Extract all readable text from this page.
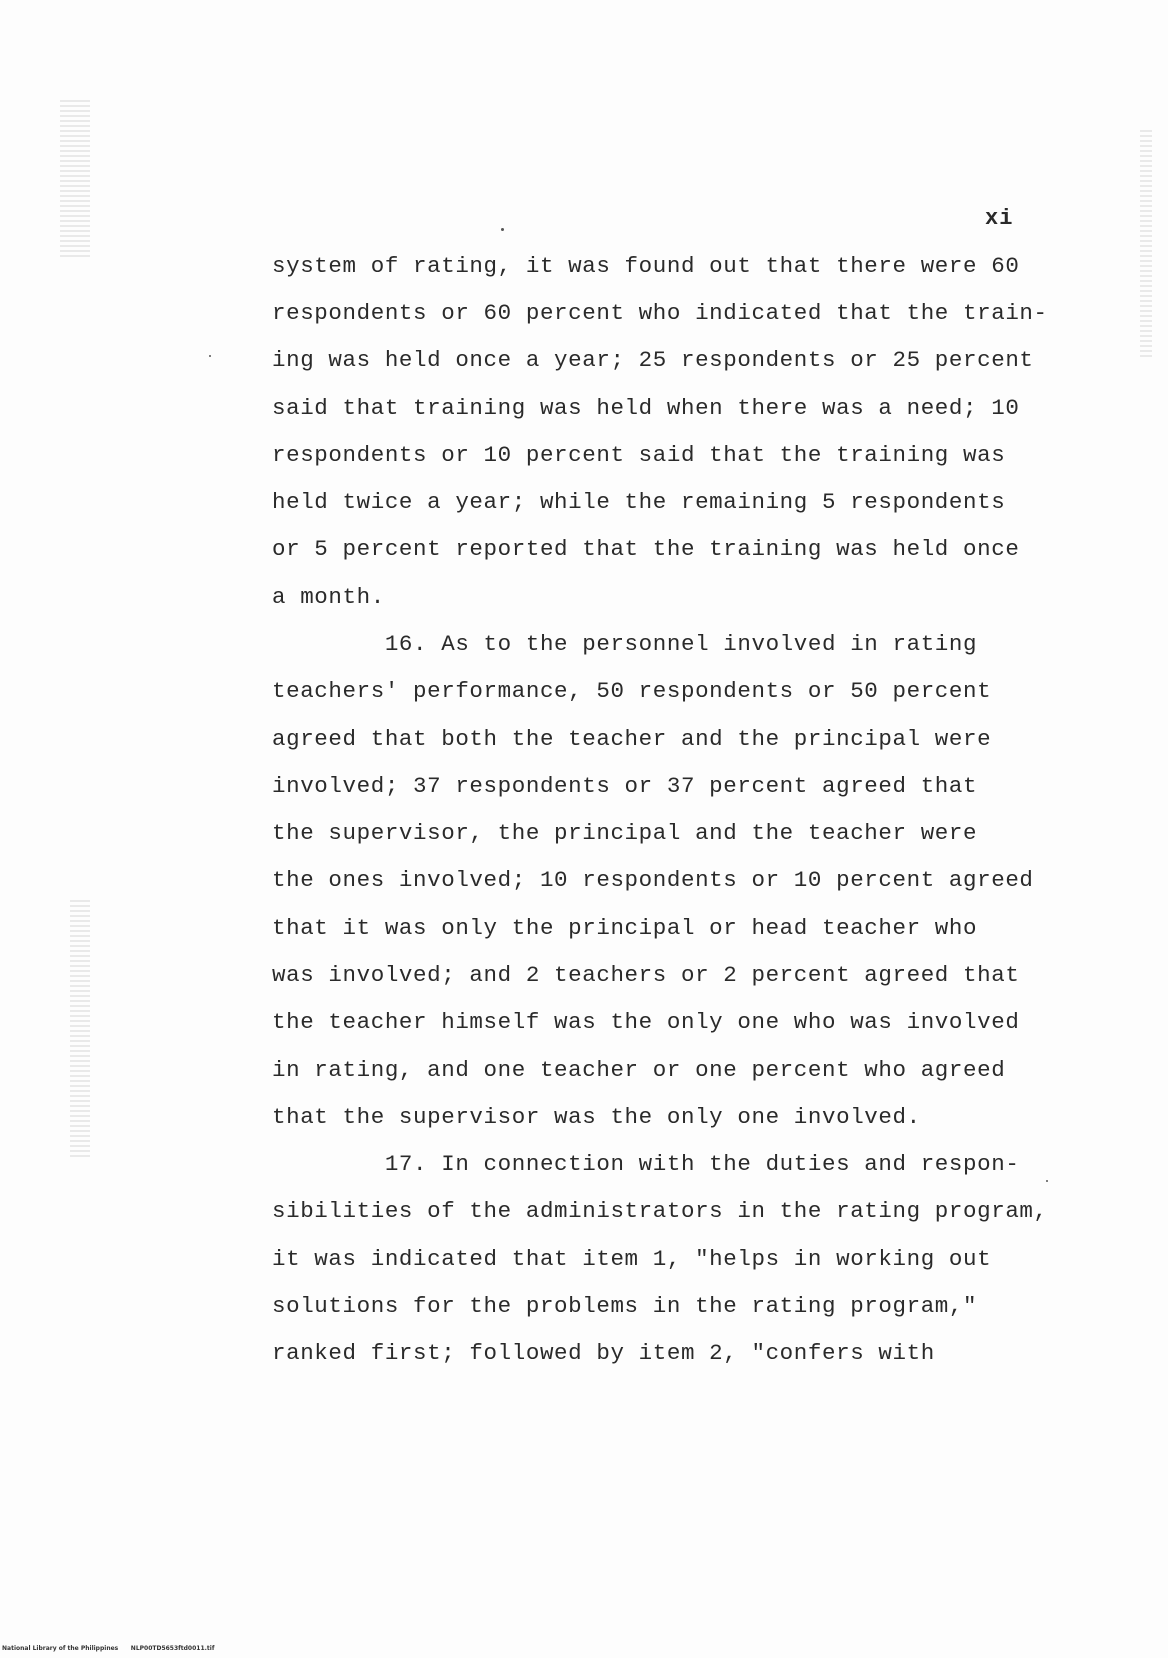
xi
system of rating, it was found out that there were 60
respondents or 60 percent who indicated that the train-
ing was held once a year; 25 respondents or 25 percent
said that training was held when there was a need; 10
respondents or 10 percent said that the training was
held twice a year; while the remaining 5 respondents
or 5 percent reported that the training was held once
a month.
16. As to the personnel involved in rating
teachers' performance, 50 respondents or 50 percent
agreed that both the teacher and the principal were
involved; 37 respondents or 37 percent agreed that
the supervisor, the principal and the teacher were
the ones involved; 10 respondents or 10 percent agreed
that it was only the principal or head teacher who
was involved; and 2 teachers or 2 percent agreed that
the teacher himself was the only one who was involved
in rating, and one teacher or one percent who agreed
that the supervisor was the only one involved.
17. In connection with the duties and respon-
sibilities of the administrators in the rating program,
it was indicated that item 1, "helps in working out
solutions for the problems in the rating program,"
ranked first; followed by item 2, "confers with
National Library of the Philippines NLP00TD5653ftd0011.tif
